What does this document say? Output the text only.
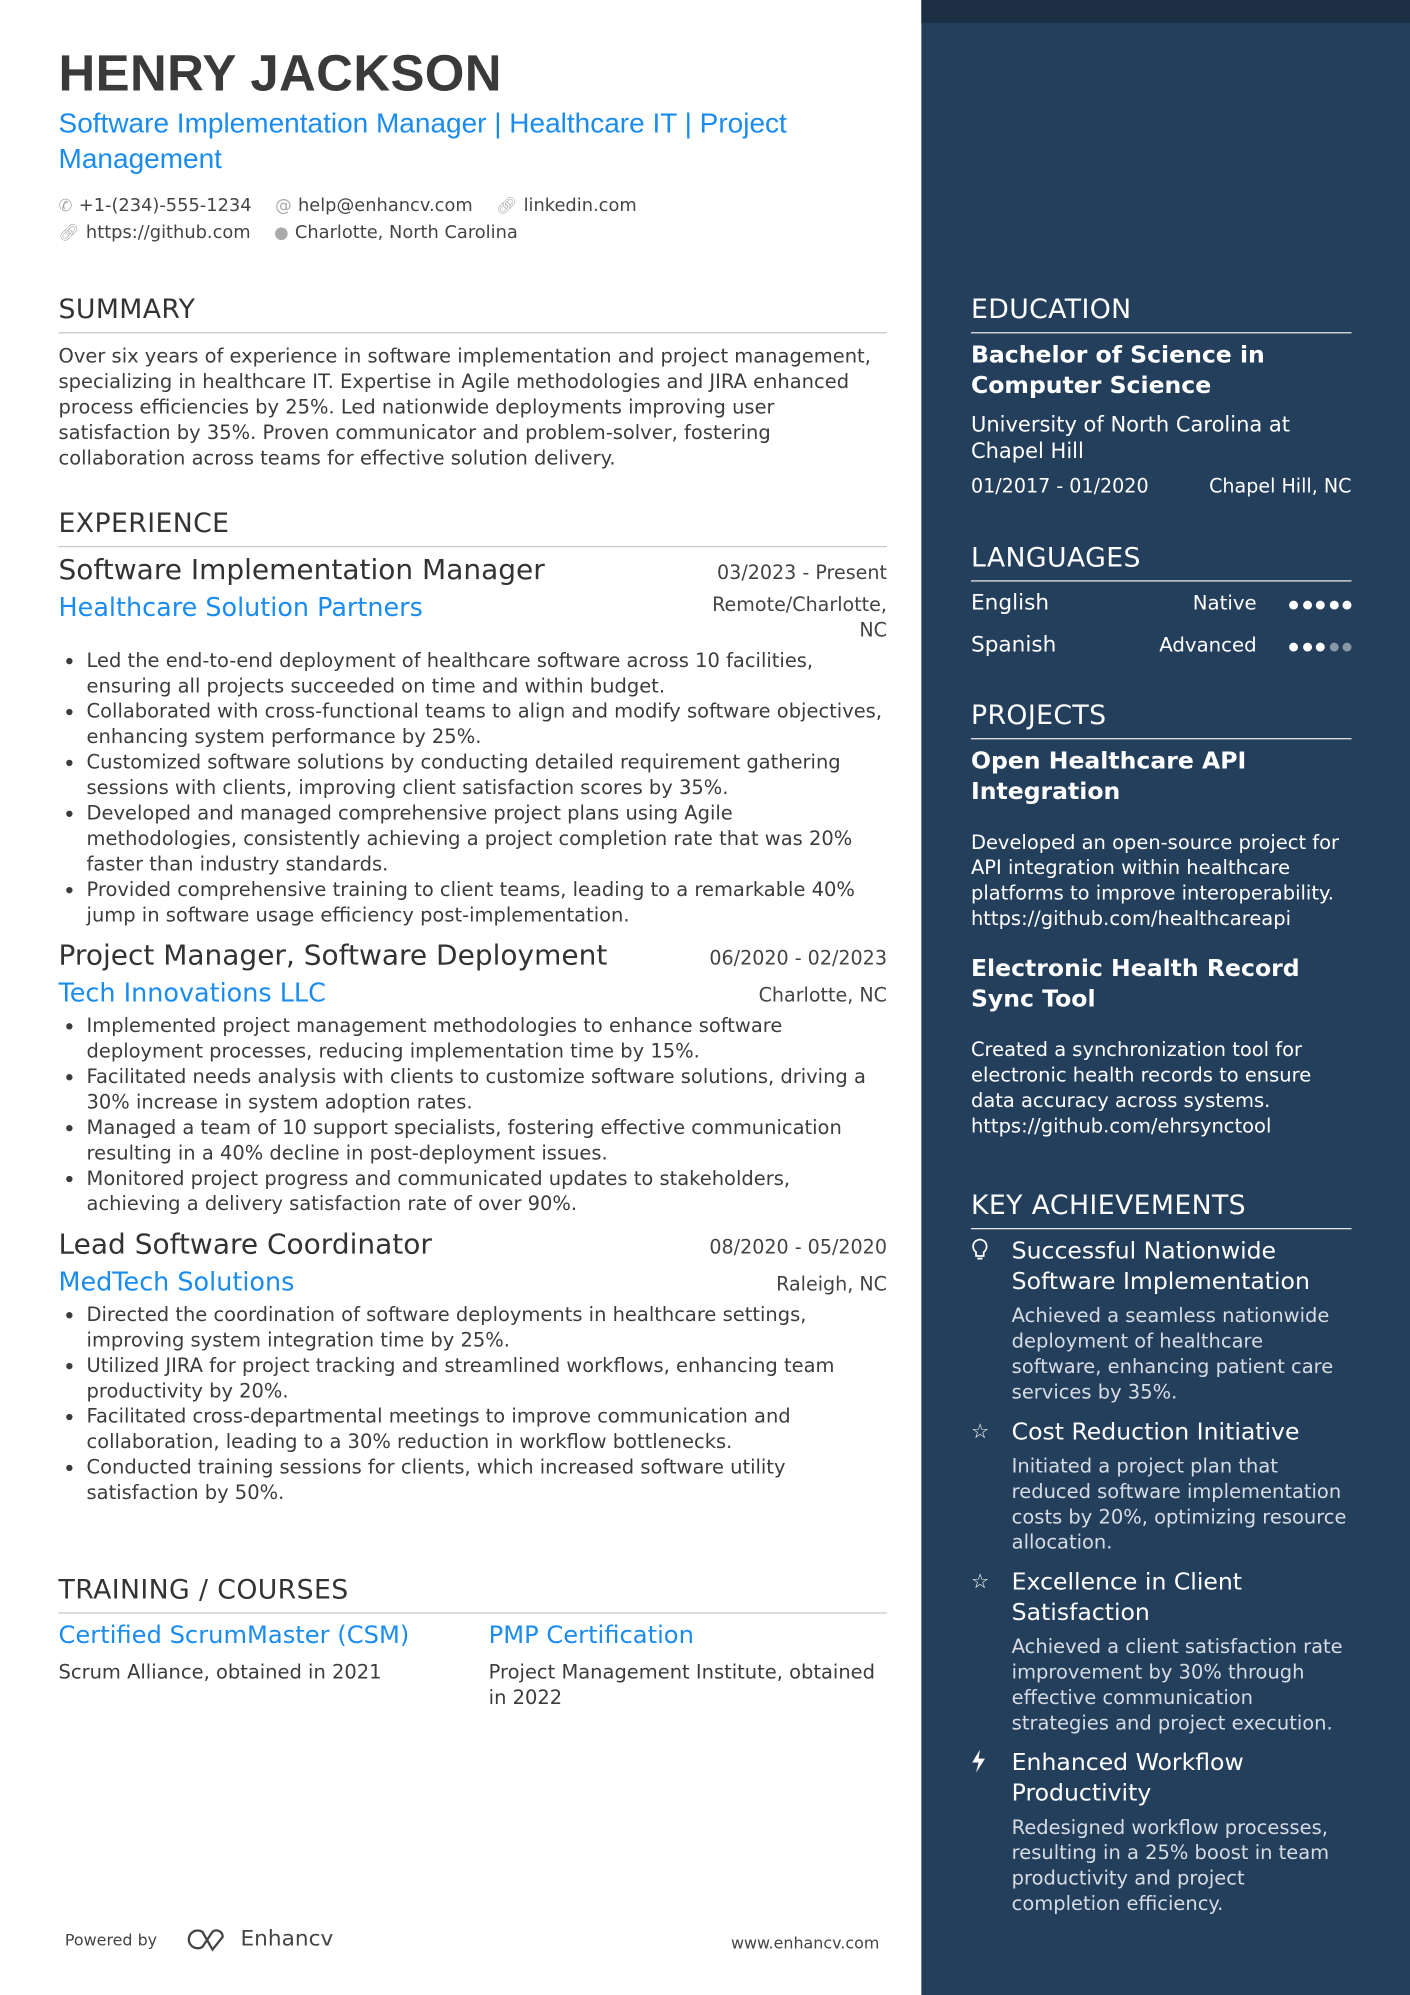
HENRY JACKSON
Software Implementation Manager | Healthcare IT | Project Management
✆ +1-(234)-555-1234 @ help@enhancv.com 🔗︎ linkedin.com
🔗︎ https://github.com ● Charlotte, North Carolina
SUMMARY
Over six years of experience in software implementation and project management, specializing in healthcare IT. Expertise in Agile methodologies and JIRA enhanced process efficiencies by 25%. Led nationwide deployments improving user satisfaction by 35%. Proven communicator and problem-solver, fostering collaboration across teams for effective solution delivery.
EXPERIENCE
Software Implementation Manager	03/2023 - Present
Healthcare Solution Partners	Remote/Charlotte, NC
• Led the end-to-end deployment of healthcare software across 10 facilities, ensuring all projects succeeded on time and within budget.
• Collaborated with cross-functional teams to align and modify software objectives, enhancing system performance by 25%.
• Customized software solutions by conducting detailed requirement gathering sessions with clients, improving client satisfaction scores by 35%.
• Developed and managed comprehensive project plans using Agile methodologies, consistently achieving a project completion rate that was 20% faster than industry standards.
• Provided comprehensive training to client teams, leading to a remarkable 40% jump in software usage efficiency post-implementation.
Project Manager, Software Deployment	06/2020 - 02/2023
Tech Innovations LLC	Charlotte, NC
• Implemented project management methodologies to enhance software deployment processes, reducing implementation time by 15%.
• Facilitated needs analysis with clients to customize software solutions, driving a 30% increase in system adoption rates.
• Managed a team of 10 support specialists, fostering effective communication resulting in a 40% decline in post-deployment issues.
• Monitored project progress and communicated updates to stakeholders, achieving a delivery satisfaction rate of over 90%.
Lead Software Coordinator	08/2020 - 05/2020
MedTech Solutions	Raleigh, NC
• Directed the coordination of software deployments in healthcare settings, improving system integration time by 25%.
• Utilized JIRA for project tracking and streamlined workflows, enhancing team productivity by 20%.
• Facilitated cross-departmental meetings to improve communication and collaboration, leading to a 30% reduction in workflow bottlenecks.
• Conducted training sessions for clients, which increased software utility satisfaction by 50%.
TRAINING / COURSES
Certified ScrumMaster (CSM)
Scrum Alliance, obtained in 2021
PMP Certification
Project Management Institute, obtained in 2022
Powered by	Enhancv	www.enhancv.com
EDUCATION
Bachelor of Science in Computer Science
University of North Carolina at Chapel Hill
01/2017 - 01/2020	Chapel Hill, NC
LANGUAGES
English	Native
Spanish	Advanced
PROJECTS
Open Healthcare API Integration
Developed an open-source project for API integration within healthcare platforms to improve interoperability.
https://github.com/healthcareapi
Electronic Health Record Sync Tool
Created a synchronization tool for electronic health records to ensure data accuracy across systems.
https://github.com/ehrsynctool
KEY ACHIEVEMENTS
Successful Nationwide Software Implementation
Achieved a seamless nationwide deployment of healthcare software, enhancing patient care services by 35%.
☆	Cost Reduction Initiative
Initiated a project plan that reduced software implementation costs by 20%, optimizing resource allocation.
☆	Excellence in Client Satisfaction
Achieved a client satisfaction rate improvement by 30% through effective communication strategies and project execution.
Enhanced Workflow Productivity
Redesigned workflow processes, resulting in a 25% boost in team productivity and project completion efficiency.
